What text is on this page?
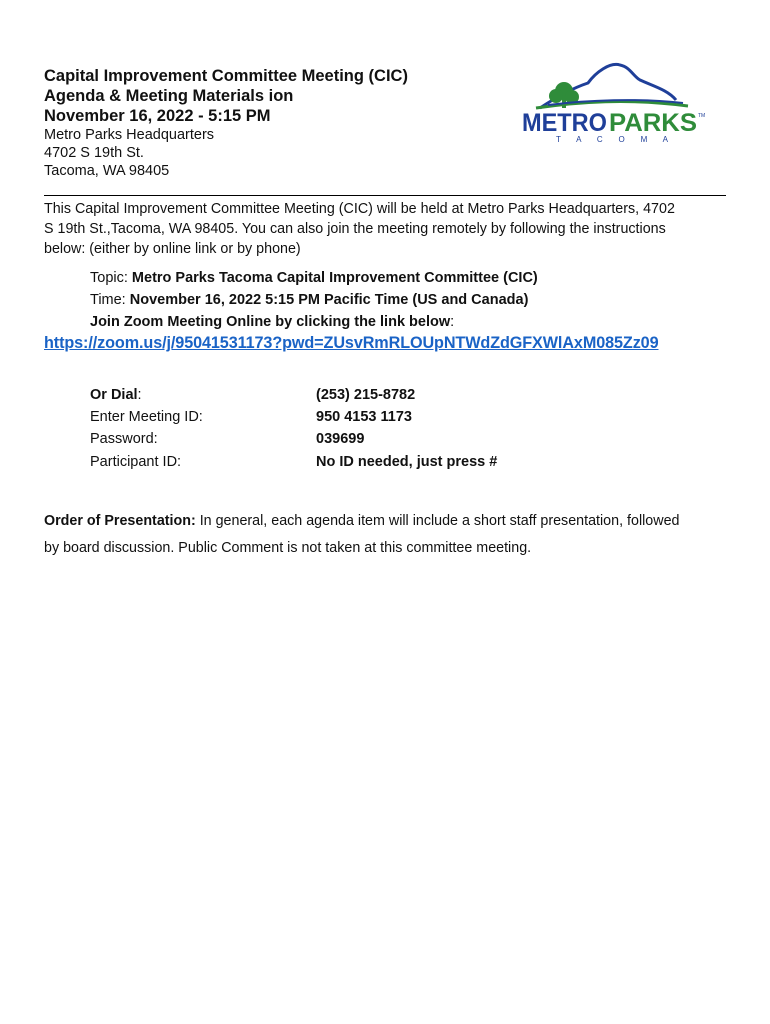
Capital Improvement Committee Meeting (CIC)
Agenda & Meeting Materials ion
November 16, 2022 - 5:15 PM
Metro Parks Headquarters
4702 S 19th St.
Tacoma, WA 98405
METRO PARKS TM
T A C O M A
This Capital Improvement Committee Meeting (CIC) will be held at Metro Parks Headquarters, 4702
S 19th St.,Tacoma, WA 98405. You can also join the meeting remotely by following the instructions
below: (either by online link or by phone)
Topic: Metro Parks Tacoma Capital Improvement Committee (CIC)
Time: November 16, 2022 5:15 PM Pacific Time (US and Canada)
Join Zoom Meeting Online by clicking the link below:
https://zoom.us/j/95041531173?pwd=ZUsvRmRLOUpNTWdZdGFXWlAxM085Zz09
Or Dial:	(253) 215-8782
Enter Meeting ID:	950 4153 1173
Password:	039699
Participant ID:	No ID needed, just press #
Order of Presentation: In general, each agenda item will include a short staff presentation, followed
by board discussion. Public Comment is not taken at this committee meeting.
